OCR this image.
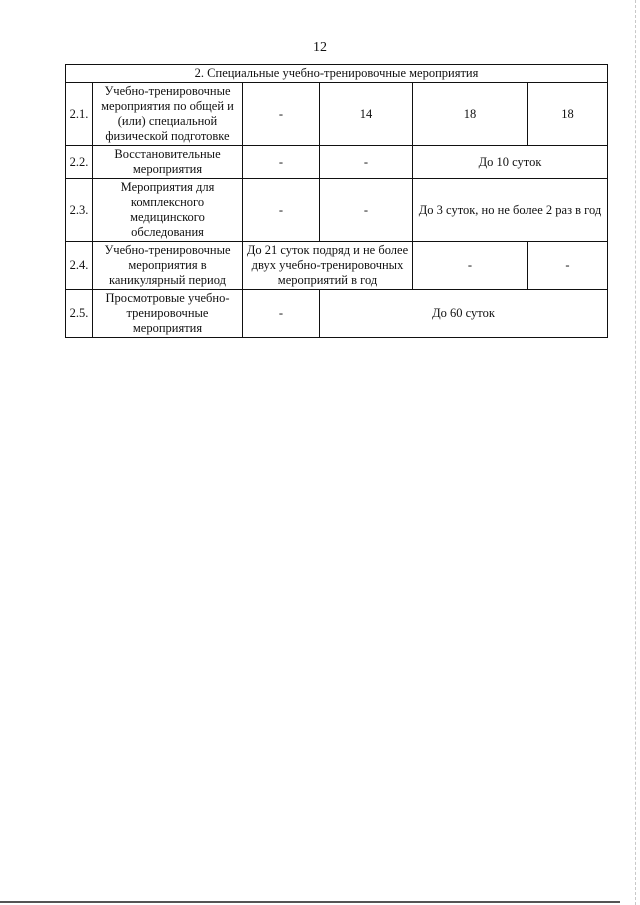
12
2. Специальные учебно-тренировочные мероприятия					
2.1.	Учебно-тренировочные мероприятия по общей и (или) специальной физической подготовке	-	14	18	18
2.2.	Восстановительные мероприятия	-	-	До 10 суток	
2.3.	Мероприятия для комплексного медицинского обследования	-	-	До 3 суток, но не более 2 раз в год	
2.4.	Учебно-тренировочные мероприятия в каникулярный период	До 21 суток подряд и не более двух учебно-тренировочных мероприятий в год		-	-
2.5.	Просмотровые учебно-тренировочные мероприятия	-	До 60 суток		
